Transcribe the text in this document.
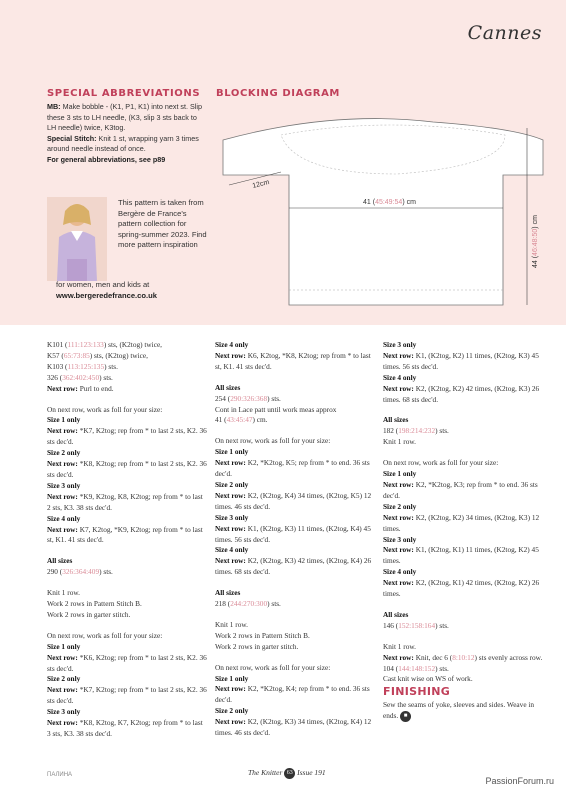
Cannes
SPECIAL ABBREVIATIONS
MB: Make bobble - (K1, P1, K1) into next st. Slip these 3 sts to LH needle, (K3, slip 3 sts back to LH needle) twice, K3tog.
Special Stitch: Knit 1 st, wrapping yarn 3 times around needle instead of once.
For general abbreviations, see p89
This pattern is taken from Bergère de France's pattern collection for spring-summer 2023. Find more pattern inspiration
for women, men and kids at
www.bergeredefrance.co.uk
BLOCKING DIAGRAM
12cm
41 (45:49:54) cm
44 (46:48:50) cm

K101 (111:123:133) sts, (K2tog) twice,

K57 (65:73:85) sts, (K2tog) twice,

K103 (113:125:135) sts.

326 (362:402:450) sts.

Next row: Purl to end.

On next row, work as foll for your size:

Size 1 only

Next row: *K7, K2tog; rep from * to last 2 sts, K2. 36 sts dec'd.

Size 2 only

Next row: *K8, K2tog; rep from * to last 2 sts, K2. 36 sts dec'd.

Size 3 only

Next row: *K9, K2tog, K8, K2tog; rep from * to last 2 sts, K3. 38 sts dec'd.

Size 4 only

Next row: K7, K2tog, *K9, K2tog; rep from * to last st, K1. 41 sts dec'd.

All sizes

290 (326:364:409) sts.

Knit 1 row.

Work 2 rows in Pattern Stitch B.

Work 2 rows in garter stitch.

On next row, work as foll for your size:

Size 1 only

Next row: *K6, K2tog; rep from * to last 2 sts, K2. 36 sts dec'd.

Size 2 only

Next row: *K7, K2tog; rep from * to last 2 sts, K2. 36 sts dec'd.

Size 3 only

Next row: *K8, K2tog, K7, K2tog; rep from * to last 3 sts, K3. 38 sts dec'd.

Size 4 only

Next row: K6, K2tog, *K8, K2tog; rep from * to last st, K1. 41 sts dec'd.

All sizes

254 (290:326:368) sts.

Cont in Lace patt until work meas approx

41 (43:45:47) cm.

On next row, work as foll for your size:

Size 1 only

Next row: K2, *K2tog, K5; rep from * to end. 36 sts dec'd.

Size 2 only

Next row: K2, (K2tog, K4) 34 times, (K2tog, K5) 12 times. 46 sts dec'd.

Size 3 only

Next row: K1, (K2tog, K3) 11 times, (K2tog, K4) 45 times. 56 sts dec'd.

Size 4 only

Next row: K2, (K2tog, K3) 42 times, (K2tog, K4) 26 times. 68 sts dec'd.

All sizes

218 (244:270:300) sts.

Knit 1 row.

Work 2 rows in Pattern Stitch B.

Work 2 rows in garter stitch.

On next row, work as foll for your size:

Size 1 only

Next row: K2, *K2tog, K4; rep from * to end. 36 sts dec'd.

Size 2 only

Next row: K2, (K2tog, K3) 34 times, (K2tog, K4) 12 times. 46 sts dec'd.

Size 3 only

Next row: K1, (K2tog, K2) 11 times, (K2tog, K3) 45 times. 56 sts dec'd.

Size 4 only

Next row: K2, (K2tog, K2) 42 times, (K2tog, K3) 26 times. 68 sts dec'd.

All sizes

182 (198:214:232) sts.

Knit 1 row.

On next row, work as foll for your size:

Size 1 only

Next row: K2, *K2tog, K3; rep from * to end. 36 sts dec'd.

Size 2 only

Next row: K2, (K2tog, K2) 34 times, (K2tog, K3) 12 times.

Size 3 only

Next row: K1, (K2tog, K1) 11 times, (K2tog, K2) 45 times.

Size 4 only

Next row: K2, (K2tog, K1) 42 times, (K2tog, K2) 26 times.

All sizes

146 (152:158:164) sts.

Knit 1 row.

Next row: Knit, dec 6 (8:10:12) sts evenly across row.

104 (144:148:152) sts.

Cast knit wise on WS of work.

FINISHING

Sew the seams of yoke, sleeves and sides. Weave in ends. ■

ПАЛИНА	The Knitter 63 Issue 191
PassionForum.ru
